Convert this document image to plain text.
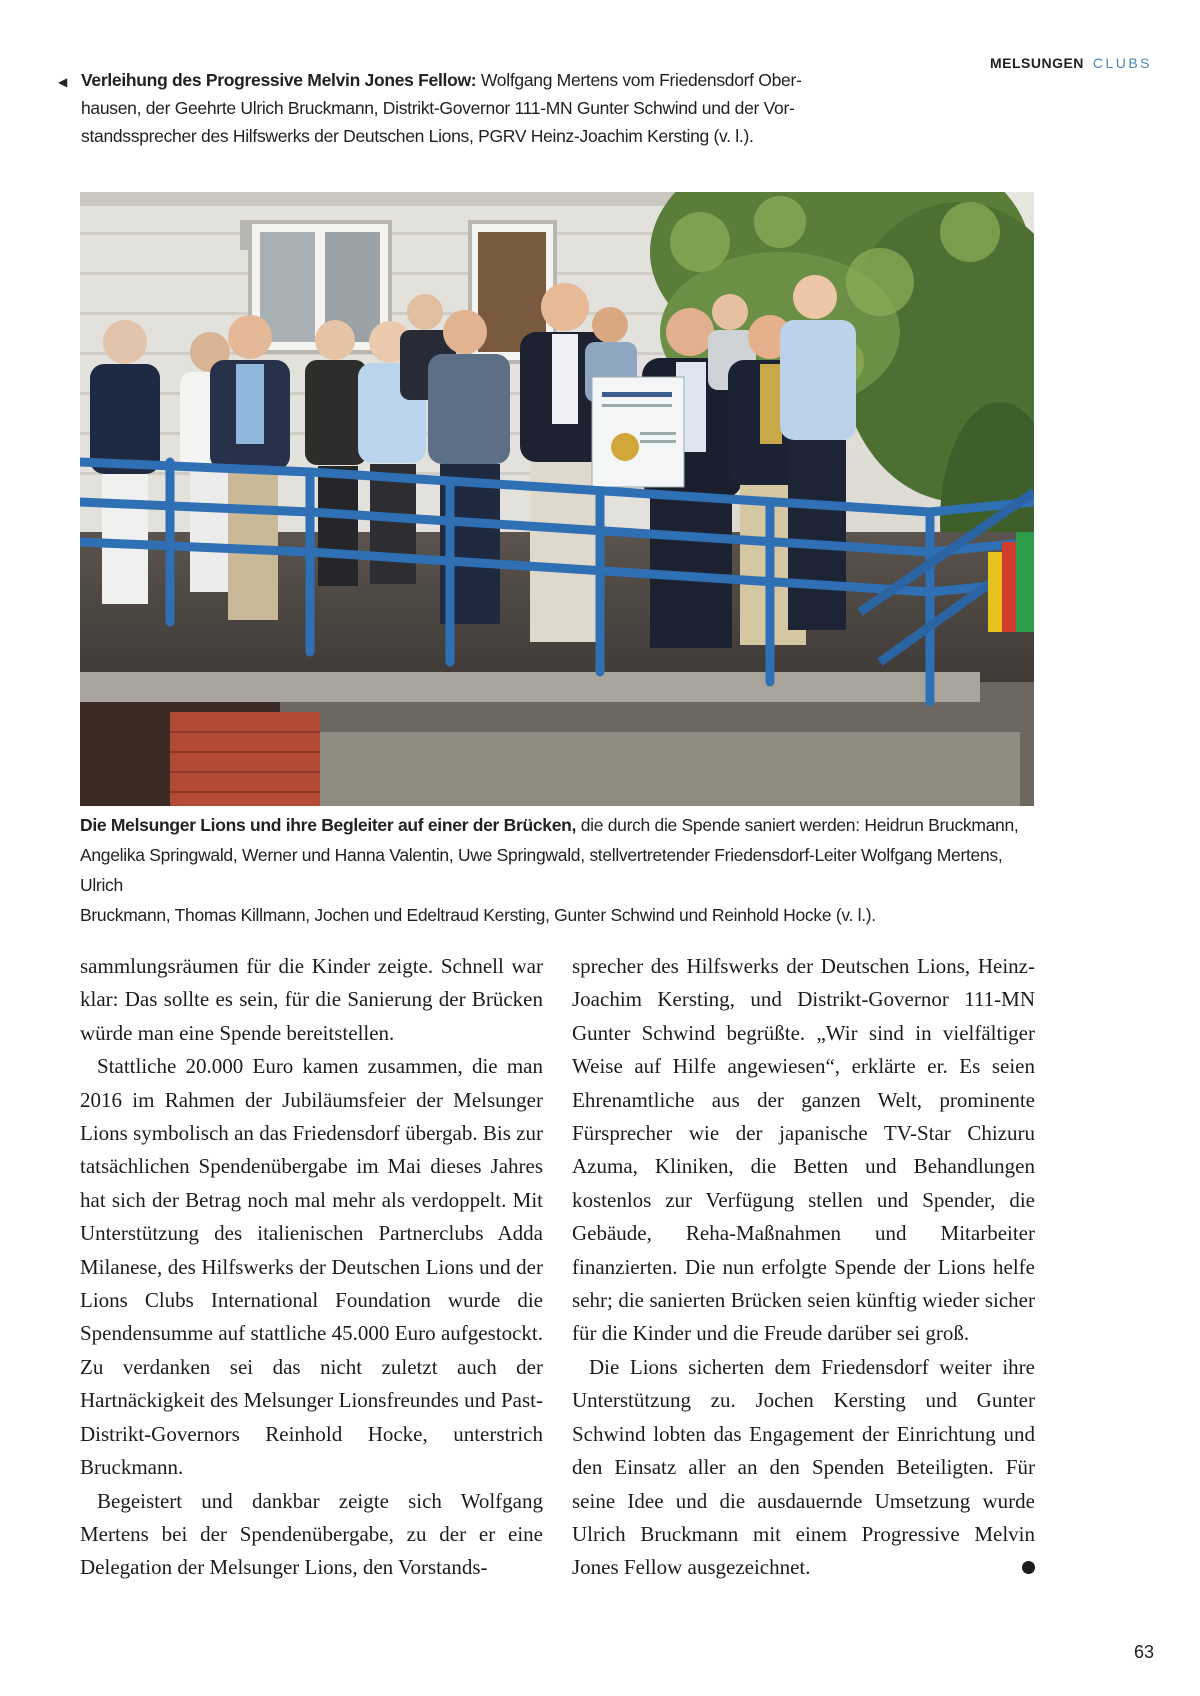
MELSUNGEN CLUBS
◀ Verleihung des Progressive Melvin Jones Fellow: Wolfgang Mertens vom Friedensdorf Ober-

hausen, der Geehrte Ulrich Bruckmann, Distrikt-Governor 111-MN Gunter Schwind und der Vor-

standssprecher des Hilfswerks der Deutschen Lions, PGRV Heinz-Joachim Kersting (v. l.).

Die Melsunger Lions und ihre Begleiter auf einer der Brücken, die durch die Spende saniert werden: Heidrun Bruckmann,

Angelika Springwald, Werner und Hanna Valentin, Uwe Springwald, stellvertretender Friedensdorf-Leiter Wolfgang Mertens, Ulrich

Bruckmann, Thomas Killmann, Jochen und Edeltraud Kersting, Gunter Schwind und Reinhold Hocke (v. l.).

sammlungsräumen für die Kinder zeigte. Schnell war klar: Das sollte es sein, für die Sanierung der Brücken würde man eine Spende bereitstellen.

Stattliche 20.000 Euro kamen zusammen, die man 2016 im Rahmen der Jubiläumsfeier der Melsunger Lions symbolisch an das Friedensdorf übergab. Bis zur tatsächlichen Spendenübergabe im Mai dieses Jahres hat sich der Betrag noch mal mehr als verdoppelt. Mit Unterstützung des italienischen Partnerclubs Adda Milanese, des Hilfswerks der Deutschen Lions und der Lions Clubs International Foundation wurde die Spendensumme auf stattliche 45.000 Euro aufgestockt. Zu verdanken sei das nicht zuletzt auch der Hartnäckigkeit des Melsunger Lionsfreundes und Past-Distrikt-Governors Reinhold Hocke, unterstrich Bruckmann.

Begeistert und dankbar zeigte sich Wolfgang Mertens bei der Spendenübergabe, zu der er eine Delegation der Melsunger Lions, den Vorstands-

sprecher des Hilfswerks der Deutschen Lions, Heinz-Joachim Kersting, und Distrikt-Governor 111-MN Gunter Schwind begrüßte. „Wir sind in vielfältiger Weise auf Hilfe angewiesen“, erklärte er. Es seien Ehrenamtliche aus der ganzen Welt, prominente Fürsprecher wie der japanische TV-Star Chizuru Azuma, Kliniken, die Betten und Behandlungen kostenlos zur Verfügung stellen und Spender, die Gebäude, Reha-Maßnahmen und Mitarbeiter finanzierten. Die nun erfolgte Spende der Lions helfe sehr; die sanierten Brücken seien künftig wieder sicher für die Kinder und die Freude darüber sei groß.

Die Lions sicherten dem Friedensdorf weiter ihre Unterstützung zu. Jochen Kersting und Gunter Schwind lobten das Engagement der Einrichtung und den Einsatz aller an den Spenden Beteiligten. Für seine Idee und die ausdauernde Umsetzung wurde Ulrich Bruckmann mit einem Progressive Melvin Jones Fellow ausgezeichnet.	L

63
